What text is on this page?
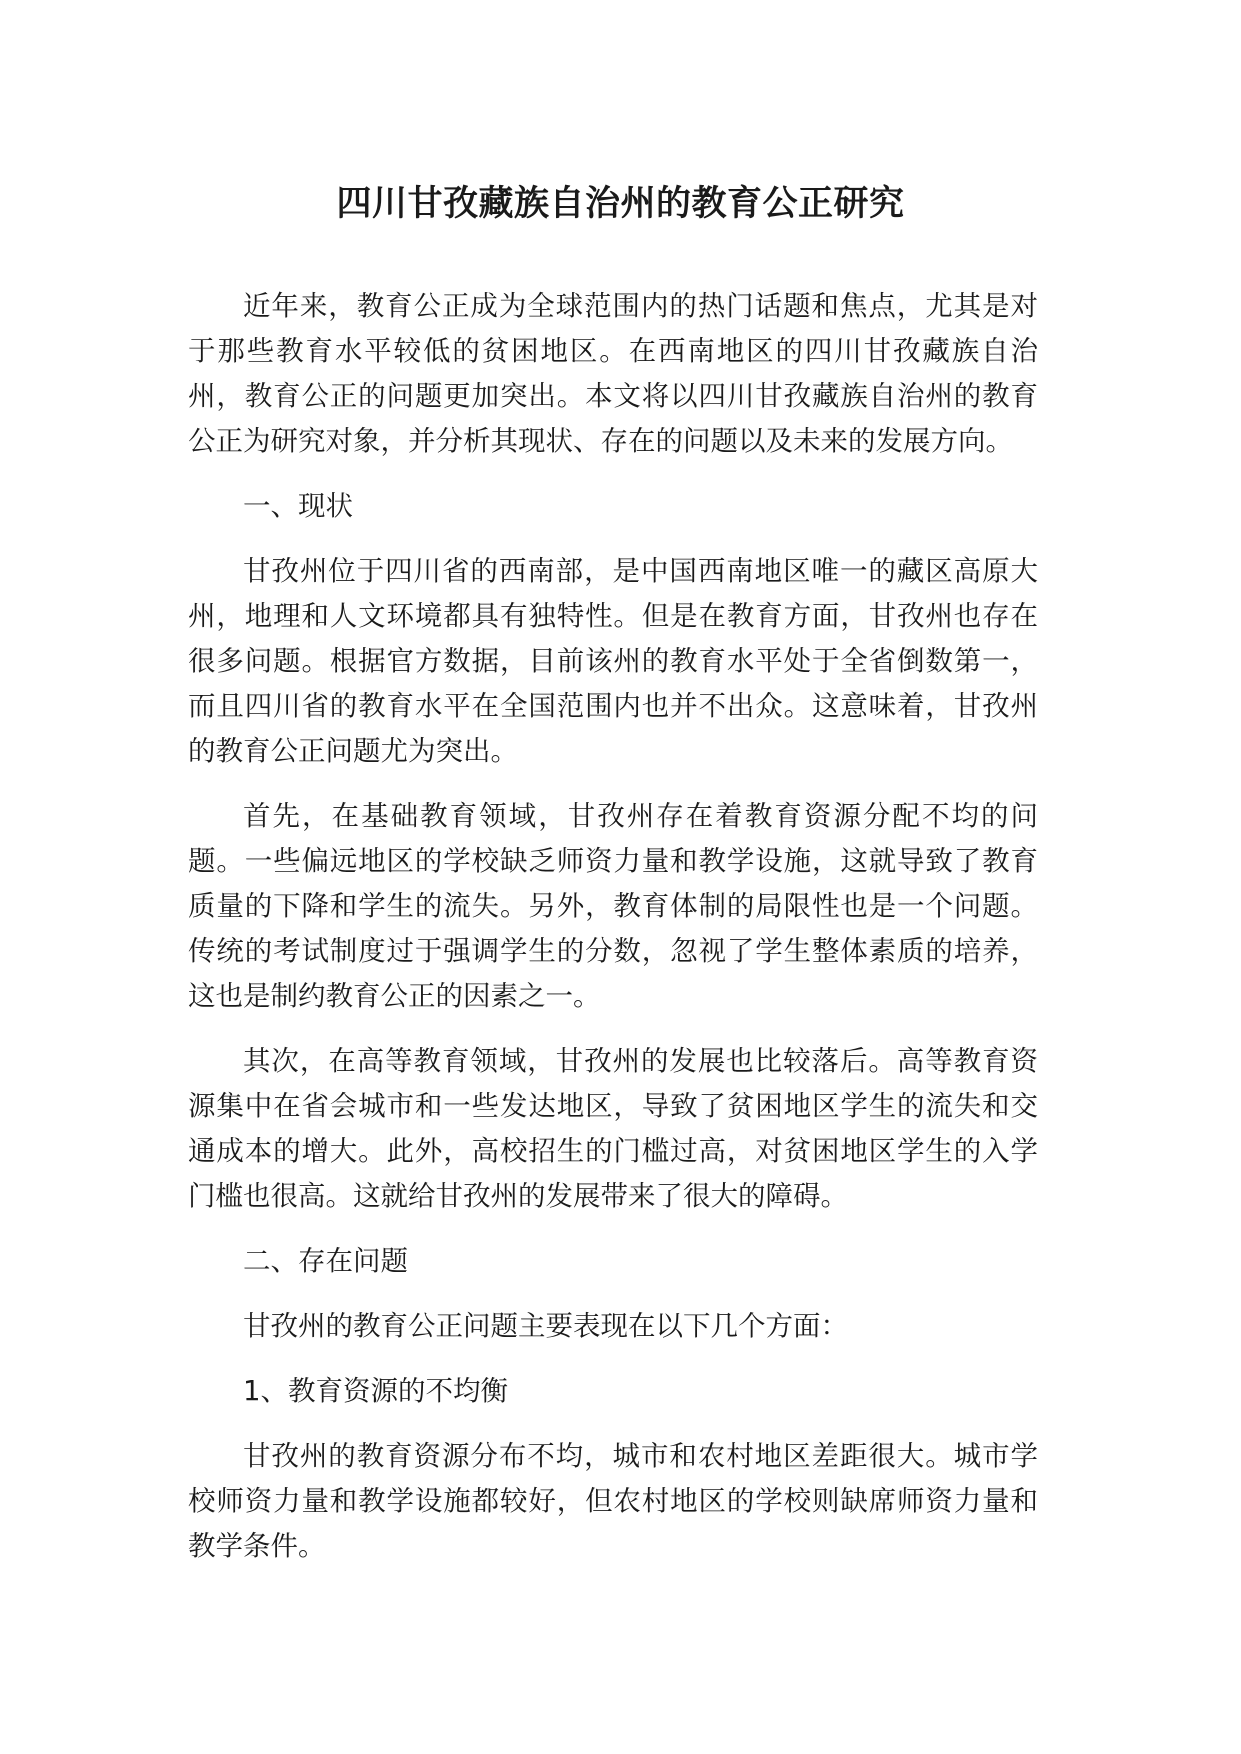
四川甘孜藏族自治州的教育公正研究

近年来，教育公正成为全球范围内的热门话题和焦点，尤其是对于那些教育水平较低的贫困地区。在西南地区的四川甘孜藏族自治州，教育公正的问题更加突出。本文将以四川甘孜藏族自治州的教育公正为研究对象，并分析其现状、存在的问题以及未来的发展方向。

一、现状

甘孜州位于四川省的西南部，是中国西南地区唯一的藏区高原大州，地理和人文环境都具有独特性。但是在教育方面，甘孜州也存在很多问题。根据官方数据，目前该州的教育水平处于全省倒数第一，而且四川省的教育水平在全国范围内也并不出众。这意味着，甘孜州的教育公正问题尤为突出。

首先，在基础教育领域，甘孜州存在着教育资源分配不均的问题。一些偏远地区的学校缺乏师资力量和教学设施，这就导致了教育质量的下降和学生的流失。另外，教育体制的局限性也是一个问题。传统的考试制度过于强调学生的分数，忽视了学生整体素质的培养，这也是制约教育公正的因素之一。

其次，在高等教育领域，甘孜州的发展也比较落后。高等教育资源集中在省会城市和一些发达地区，导致了贫困地区学生的流失和交通成本的增大。此外，高校招生的门槛过高，对贫困地区学生的入学门槛也很高。这就给甘孜州的发展带来了很大的障碍。

二、存在问题

甘孜州的教育公正问题主要表现在以下几个方面：

1、教育资源的不均衡

甘孜州的教育资源分布不均，城市和农村地区差距很大。城市学校师资力量和教学设施都较好，但农村地区的学校则缺席师资力量和教学条件。
